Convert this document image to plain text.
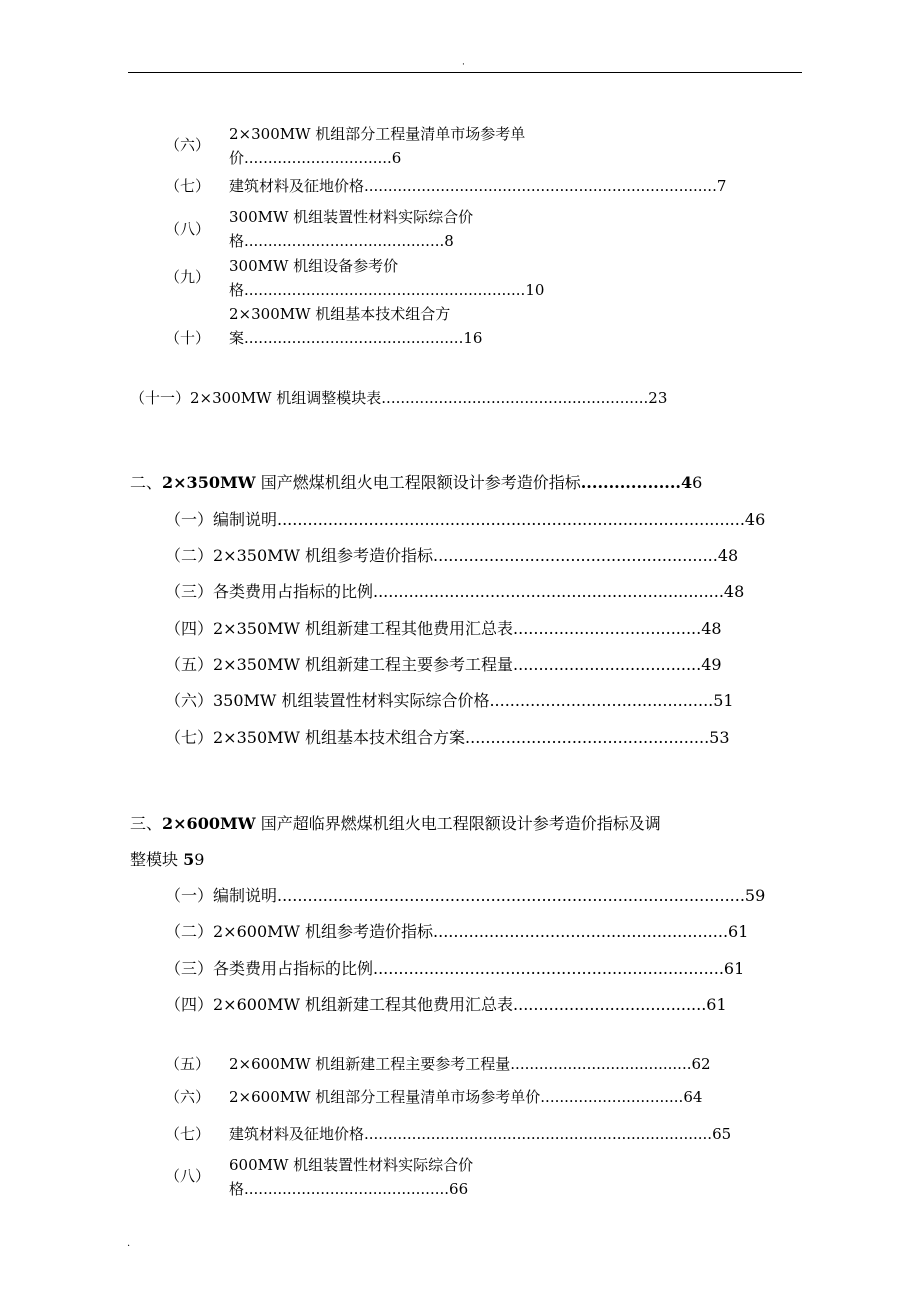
·
（六）
2×300MW 机组部分工程量清单市场参考单
价...............................6
（七） 建筑材料及征地价格..........................................................................7
（八）
300MW 机组装置性材料实际综合价
格..........................................8
（九）
300MW 机组设备参考价
格...........................................................10
（十）
2×300MW 机组基本技术组合方
案..............................................16
（十一）2×300MW 机组调整模块表........................................................23
二、2×350MW 国产燃煤机组火电工程限额设计参考造价指标..................46
（一）编制说明............................................................................................46
（二）2×350MW 机组参考造价指标........................................................48
（三）各类费用占指标的比例.....................................................................48
（四）2×350MW 机组新建工程其他费用汇总表.....................................48
（五）2×350MW 机组新建工程主要参考工程量.....................................49
（六）350MW 机组装置性材料实际综合价格............................................51
（七）2×350MW 机组基本技术组合方案................................................53
三、2×600MW 国产超临界燃煤机组火电工程限额设计参考造价指标及调
整模块 59
（一）编制说明............................................................................................59
（二）2×600MW 机组参考造价指标..........................................................61
（三）各类费用占指标的比例.....................................................................61
（四）2×600MW 机组新建工程其他费用汇总表......................................61
（五） 2×600MW 机组新建工程主要参考工程量......................................62
（六） 2×600MW 机组部分工程量清单市场参考单价..............................64
（七） 建筑材料及征地价格.........................................................................65
（八）
600MW 机组装置性材料实际综合价
格...........................................66
.
